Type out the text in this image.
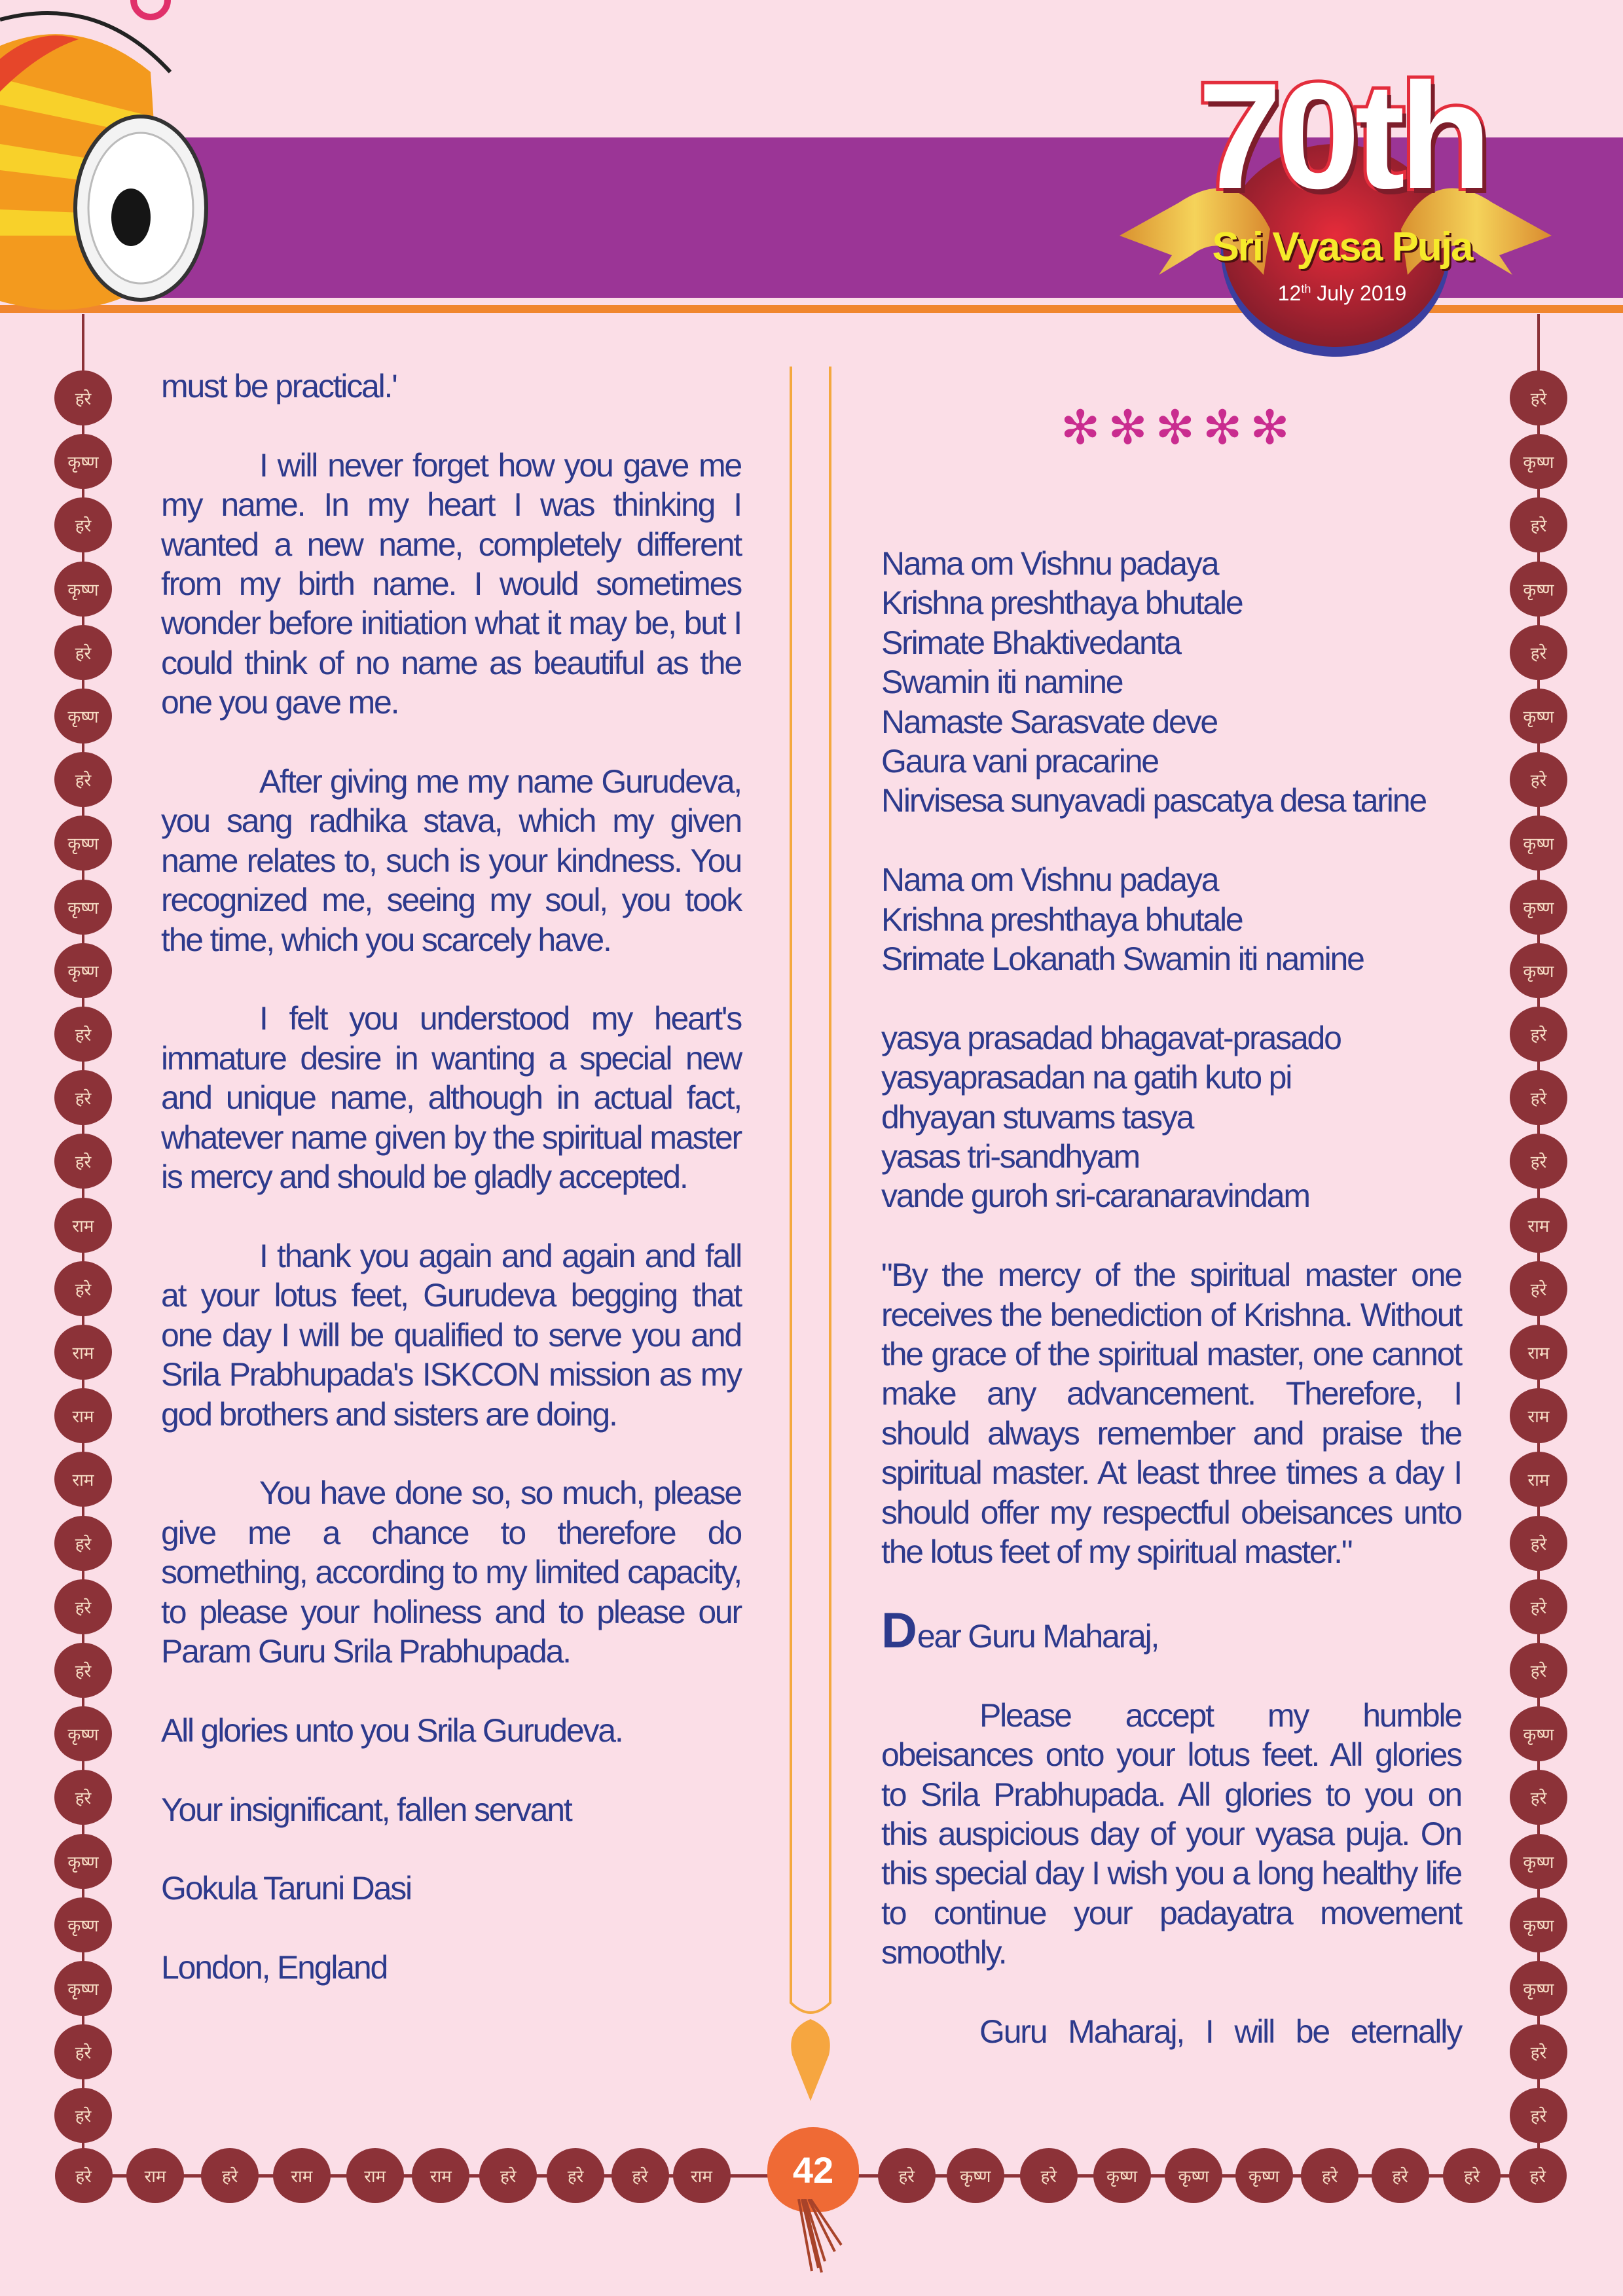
70th
Sri Vyasa Puja
12th July 2019

must be practical.'

I will never forget how you gave me my name. In my heart I was thinking I wanted a new name, completely different from my birth name. I would sometimes wonder before initiation what it may be, but I could think of no name as beautiful as the one you gave me.

After giving me my name Gurudeva, you sang radhika stava, which my given name relates to, such is your kindness. You recognized me, seeing my soul, you took the time, which you scarcely have.

I felt you understood my heart's immature desire in wanting a special new and unique name, although in actual fact, whatever name given by the spiritual master is mercy and should be gladly accepted.

I thank you again and again and fall at your lotus feet, Gurudeva begging that one day I will be qualified to serve you and Srila Prabhupada's ISKCON mission as my god brothers and sisters are doing.

You have done so, so much, please give me a chance to therefore do something, according to my limited capacity, to please your holiness and to please our Param Guru Srila Prabhupada.

All glories unto you Srila Gurudeva.

Your insignificant, fallen servant

Gokula Taruni Dasi

London, England

✻✻✻✻✻
Nama om Vishnu padaya
Krishna preshthaya bhutale
Srimate Bhaktivedanta
Swamin iti namine
Namaste Sarasvate deve
Gaura vani pracarine
Nirvisesa sunyavadi pascatya desa tarine
Nama om Vishnu padaya
Krishna preshthaya bhutale
Srimate Lokanath Swamin iti namine
yasya prasadad bhagavat-prasado
yasyaprasadan na gatih kuto pi
dhyayan stuvams tasya
yasas tri-sandhyam
vande guroh sri-caranaravindam

"By the mercy of the spiritual master one receives the benediction of Krishna. Without the grace of the spiritual master, one cannot make any advancement. Therefore, I should always remember and praise the spiritual master. At least three times a day I should offer my respectful obeisances unto the lotus feet of my spiritual master."

Dear Guru Maharaj,

Please accept my humble obeisances onto your lotus feet. All glories to Srila Prabhupada. All glories to you on this auspicious day of your vyasa puja. On this special day I wish you a long healthy life to continue your padayatra movement smoothly.

Guru Maharaj, I will be eternally

हरे
कृष्ण
हरे
कृष्ण
हरे
कृष्ण
हरे
कृष्ण
कृष्ण
कृष्ण
हरे
हरे
हरे
राम
हरे
राम
राम
राम
हरे
हरे
हरे
कृष्ण
हरे
कृष्ण
कृष्ण
कृष्ण
हरे
हरे
हरे
कृष्ण
हरे
कृष्ण
हरे
कृष्ण
हरे
कृष्ण
कृष्ण
कृष्ण
हरे
हरे
हरे
राम
हरे
राम
राम
राम
हरे
हरे
हरे
कृष्ण
हरे
कृष्ण
कृष्ण
कृष्ण
हरे
हरे
हरे	राम	हरे	राम	राम	राम	हरे	हरे	हरे	राम	हरे	कृष्ण	हरे	कृष्ण	कृष्ण	कृष्ण	हरे	हरे	हरे	हरे
42
